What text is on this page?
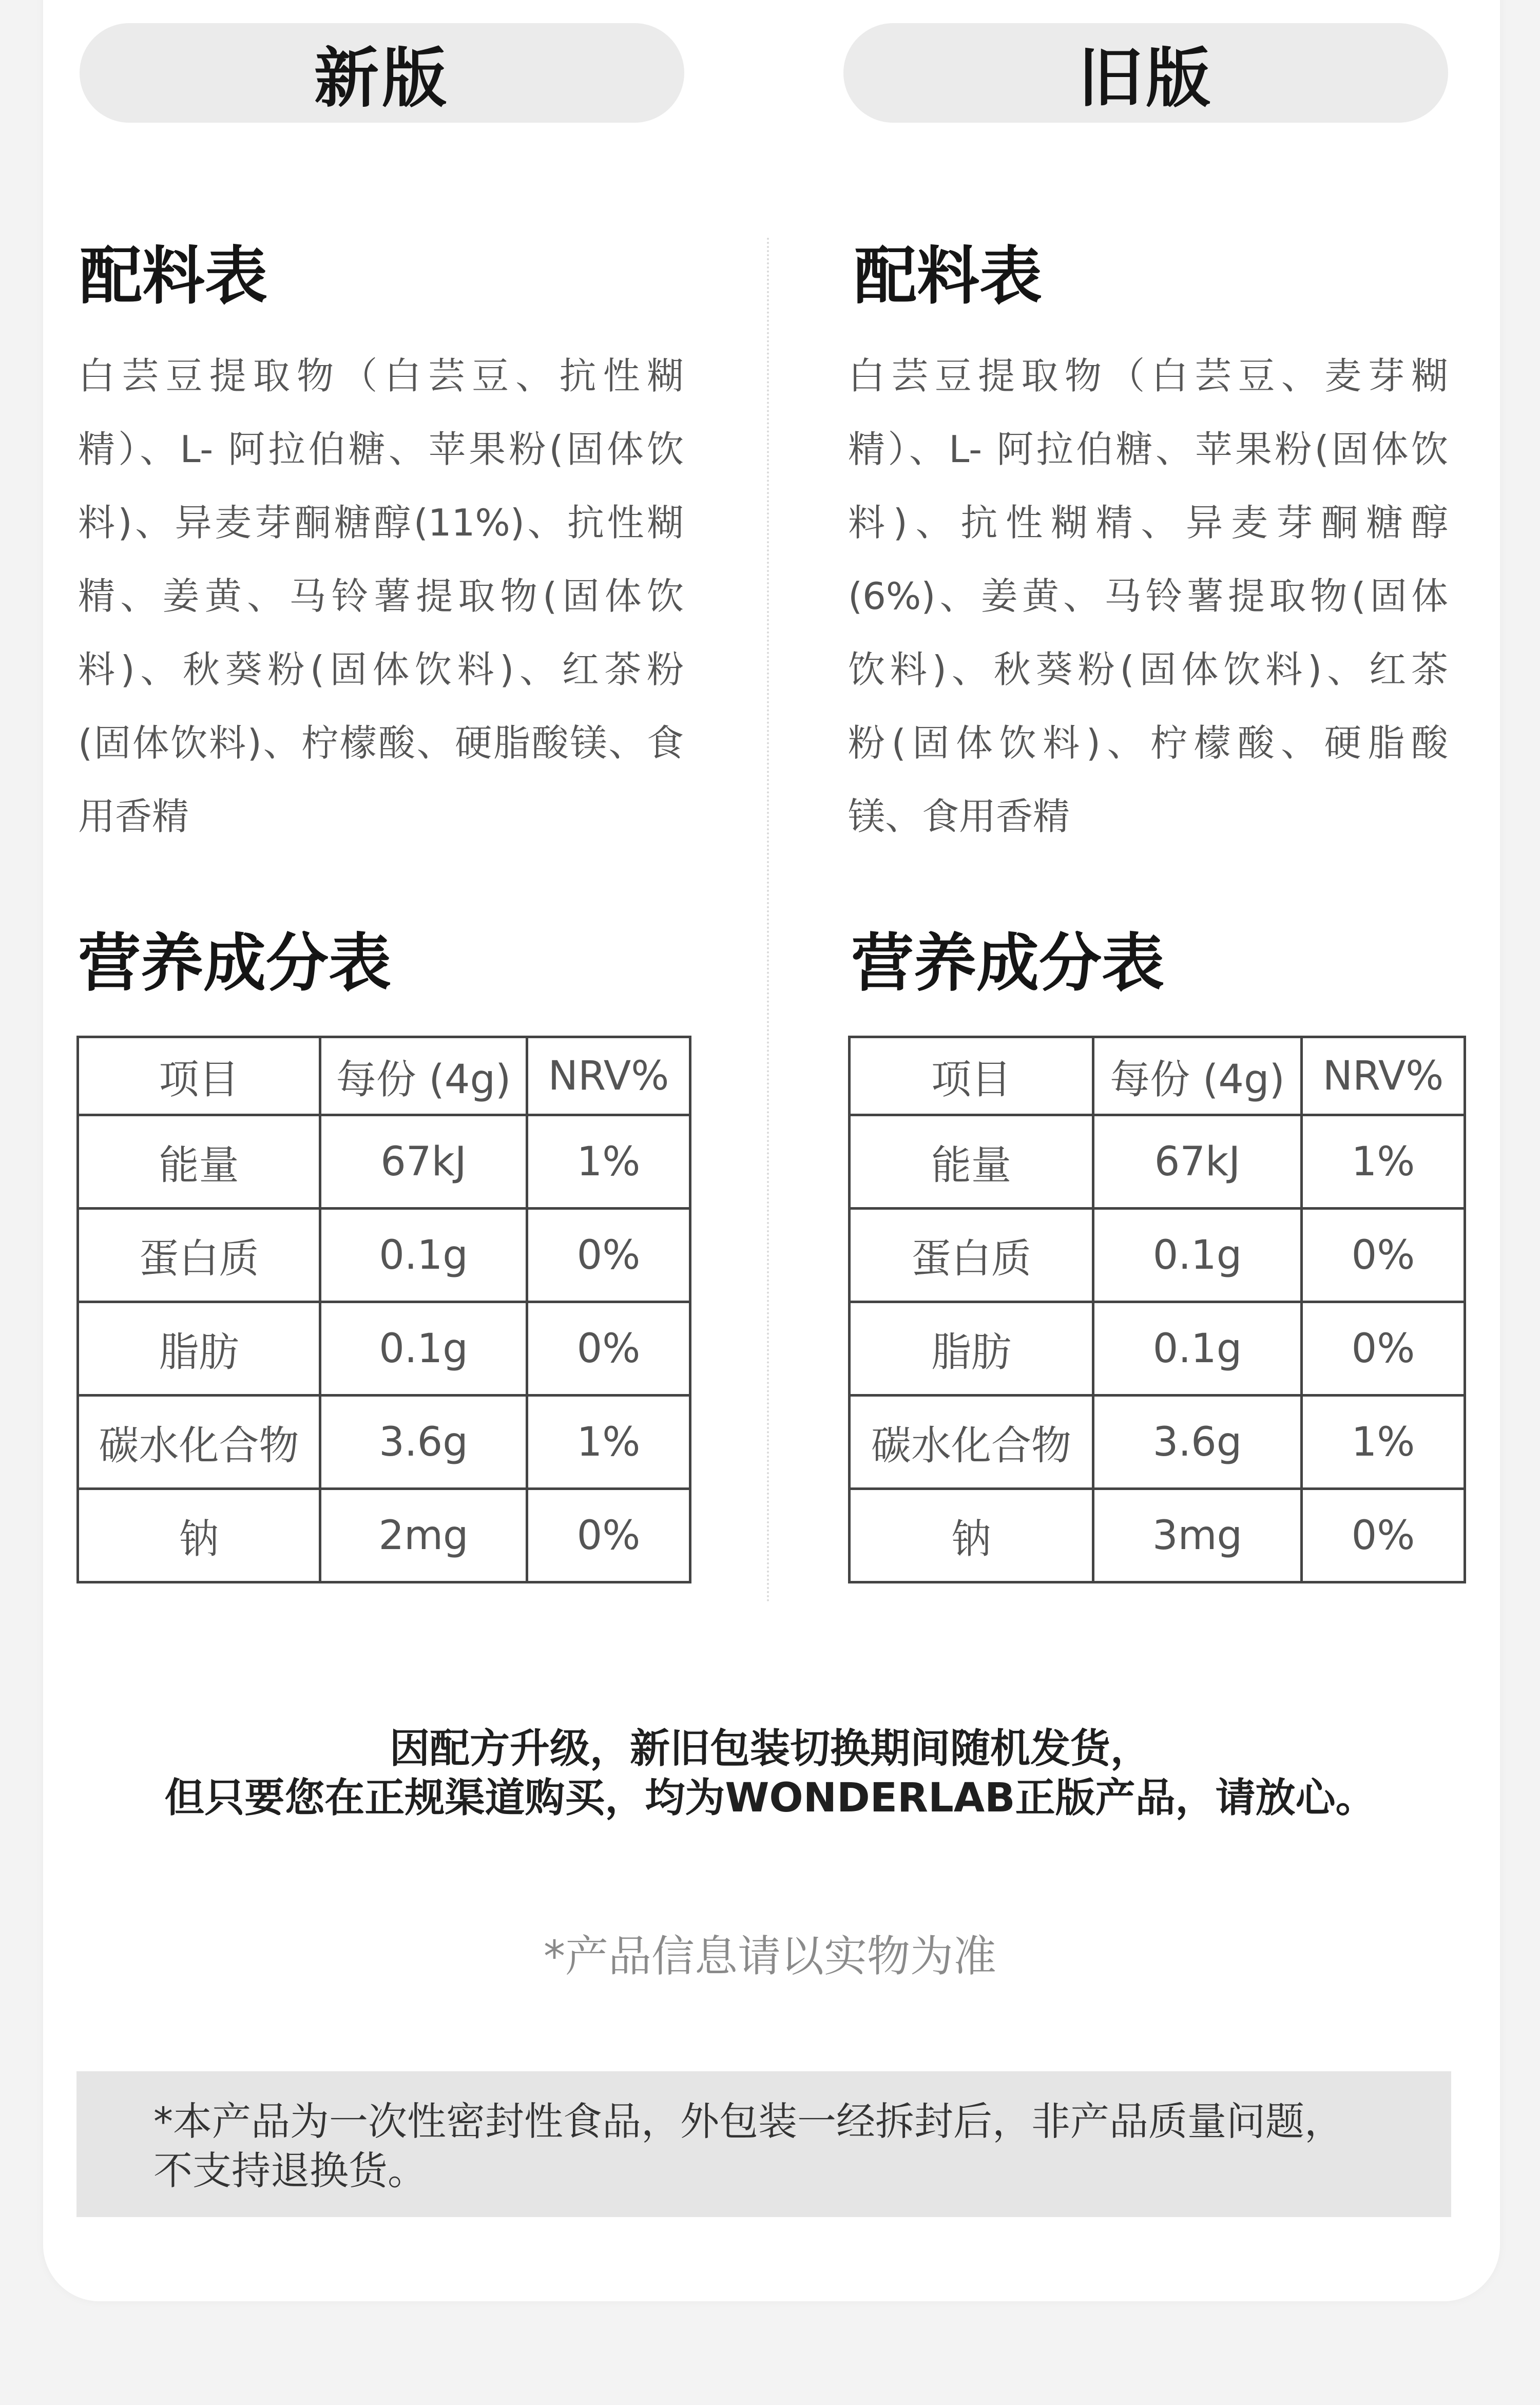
新版	旧版
配料表	配料表
白芸豆提取物（白芸豆、抗性糊
精）、L- 阿拉伯糖、苹果粉(固体饮
料)、异麦芽酮糖醇(11%)、抗性糊
精、姜黄、马铃薯提取物(固体饮
料)、秋葵粉(固体饮料)、红茶粉
(固体饮料)、柠檬酸、硬脂酸镁、食
用香精
白芸豆提取物（白芸豆、麦芽糊
精）、L- 阿拉伯糖、苹果粉(固体饮
料)、抗性糊精、异麦芽酮糖醇
(6%)、姜黄、马铃薯提取物(固体
饮料)、秋葵粉(固体饮料)、红茶
粉(固体饮料)、柠檬酸、硬脂酸
镁、食用香精
营养成分表	营养成分表
项目	每份 (4g)	NRV%
能量	67kJ	1%
蛋白质	0.1g	0%
脂肪	0.1g	0%
碳水化合物	3.6g	1%
钠	2mg	0%
项目	每份 (4g)	NRV%
能量	67kJ	1%
蛋白质	0.1g	0%
脂肪	0.1g	0%
碳水化合物	3.6g	1%
钠	3mg	0%
因配方升级，新旧包装切换期间随机发货，
但只要您在正规渠道购买，均为WONDERLAB正版产品，请放心。
*产品信息请以实物为准
*本产品为一次性密封性食品，外包装一经拆封后，非产品质量问题，
不支持退换货。
